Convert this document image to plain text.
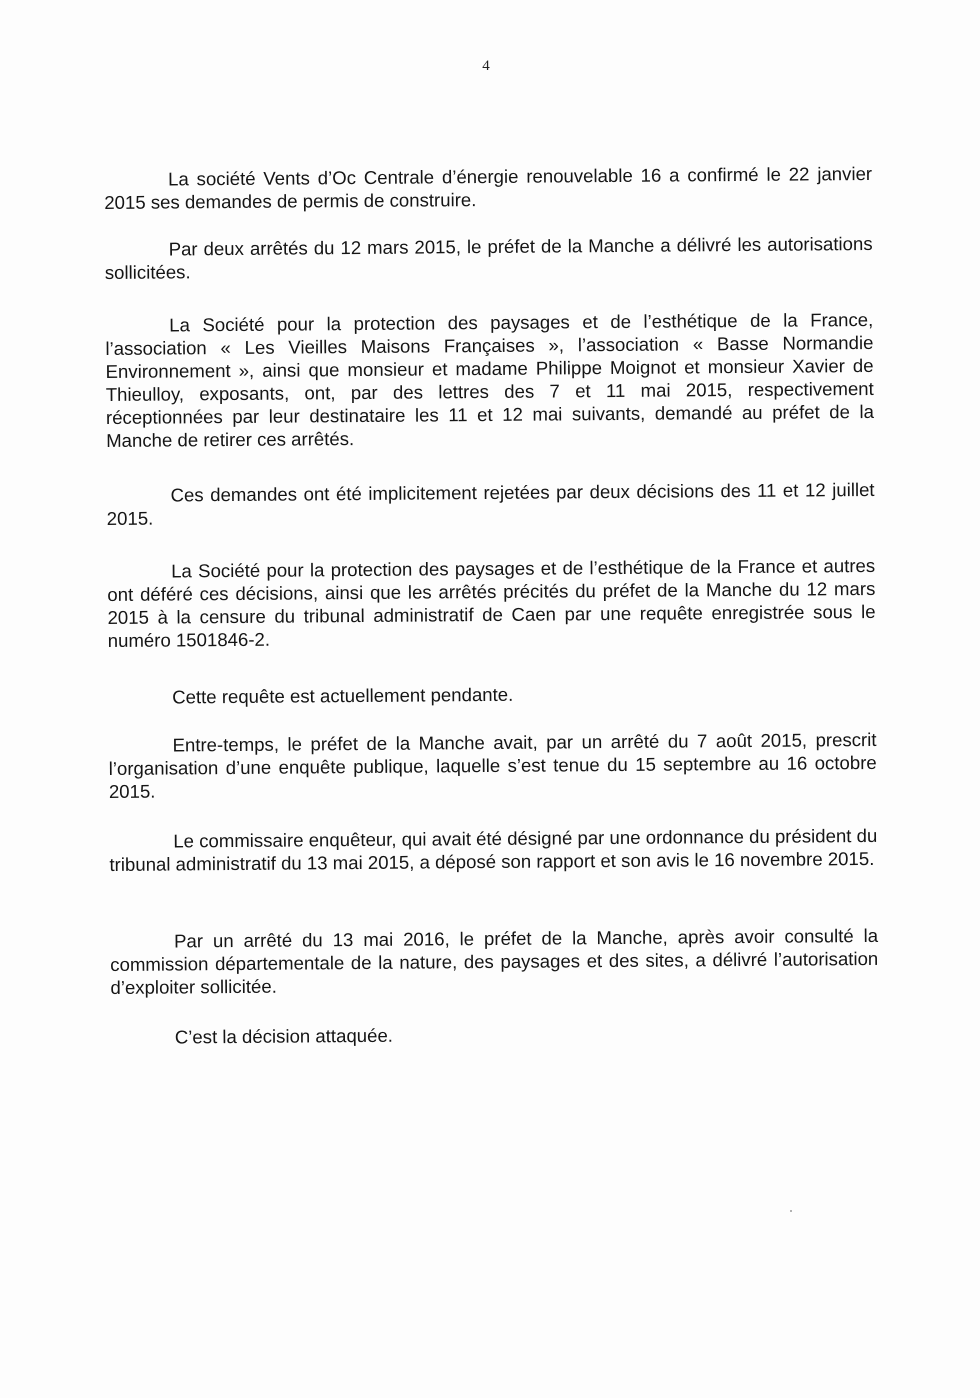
4

La société Vents d’Oc Centrale d’énergie renouvelable 16 a confirmé le 22 janvier 2015 ses demandes de permis de construire.

Par deux arrêtés du 12 mars 2015, le préfet de la Manche a délivré les autorisations sollicitées.

La Société pour la protection des paysages et de l’esthétique de la France, l’association « Les Vieilles Maisons Françaises », l’association « Basse Normandie Environnement », ainsi que monsieur et madame Philippe Moignot et monsieur Xavier de Thieulloy, exposants, ont, par des lettres des 7 et 11 mai 2015, respectivement réceptionnées par leur destinataire les 11 et 12 mai suivants, demandé au préfet de la Manche de retirer ces arrêtés.

Ces demandes ont été implicitement rejetées par deux décisions des 11 et 12 juillet 2015.

La Société pour la protection des paysages et de l’esthétique de la France et autres ont déféré ces décisions, ainsi que les arrêtés précités du préfet de la Manche du 12 mars 2015 à la censure du tribunal administratif de Caen par une requête enregistrée sous le numéro 1501846-2.

Cette requête est actuellement pendante.

Entre-temps, le préfet de la Manche avait, par un arrêté du 7 août 2015, prescrit l’organisation d’une enquête publique, laquelle s’est tenue du 15 septembre au 16 octobre 2015.

Le commissaire enquêteur, qui avait été désigné par une ordonnance du président du tribunal administratif du 13 mai 2015, a déposé son rapport et son avis le 16 novembre 2015.

Par un arrêté du 13 mai 2016, le préfet de la Manche, après avoir consulté la commission départementale de la nature, des paysages et des sites, a délivré l’autorisation d’exploiter sollicitée.

C’est la décision attaquée.
